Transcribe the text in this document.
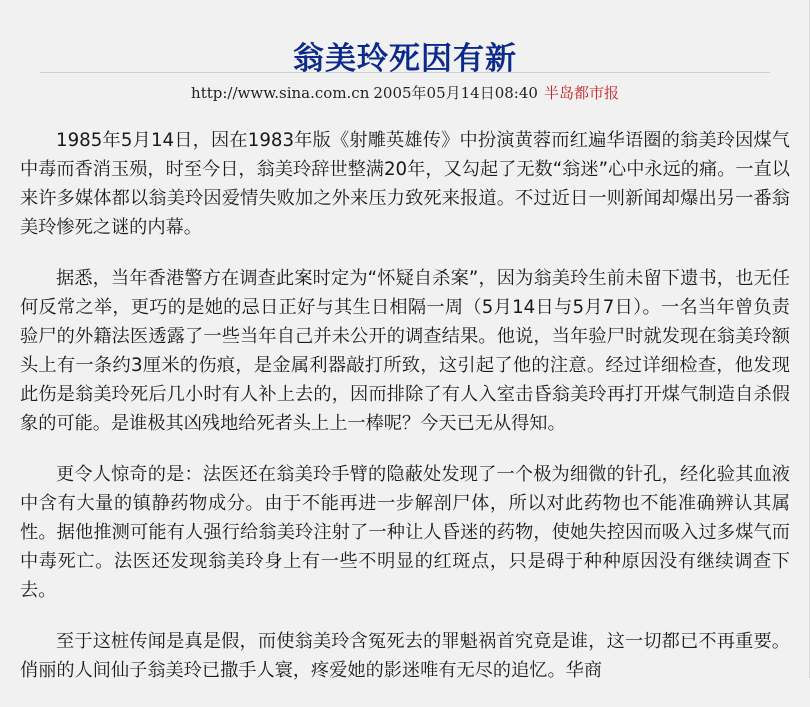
翁美玲死因有新
http://www.sina.com.cn 2005年05月14日08:40 半岛都市报

1985年5月14日，因在1983年版《射雕英雄传》中扮演黄蓉而红遍华语圈的翁美玲因煤气中毒而香消玉殒，时至今日，翁美玲辞世整满20年，又勾起了无数“翁迷”心中永远的痛。一直以来许多媒体都以翁美玲因爱情失败加之外来压力致死来报道。不过近日一则新闻却爆出另一番翁美玲惨死之谜的内幕。

据悉，当年香港警方在调查此案时定为“怀疑自杀案”，因为翁美玲生前未留下遗书，也无任何反常之举，更巧的是她的忌日正好与其生日相隔一周（5月14日与5月7日）。一名当年曾负责验尸的外籍法医透露了一些当年自己并未公开的调查结果。他说，当年验尸时就发现在翁美玲额头上有一条约3厘米的伤痕，是金属利器敲打所致，这引起了他的注意。经过详细检查，他发现此伤是翁美玲死后几小时有人补上去的，因而排除了有人入室击昏翁美玲再打开煤气制造自杀假象的可能。是谁极其凶残地给死者头上上一棒呢？今天已无从得知。

更令人惊奇的是：法医还在翁美玲手臂的隐蔽处发现了一个极为细微的针孔，经化验其血液中含有大量的镇静药物成分。由于不能再进一步解剖尸体，所以对此药物也不能准确辨认其属性。据他推测可能有人强行给翁美玲注射了一种让人昏迷的药物，使她失控因而吸入过多煤气而中毒死亡。法医还发现翁美玲身上有一些不明显的红斑点，只是碍于种种原因没有继续调查下去。

至于这桩传闻是真是假，而使翁美玲含冤死去的罪魁祸首究竟是谁，这一切都已不再重要。俏丽的人间仙子翁美玲已撒手人寰，疼爱她的影迷唯有无尽的追忆。华商
